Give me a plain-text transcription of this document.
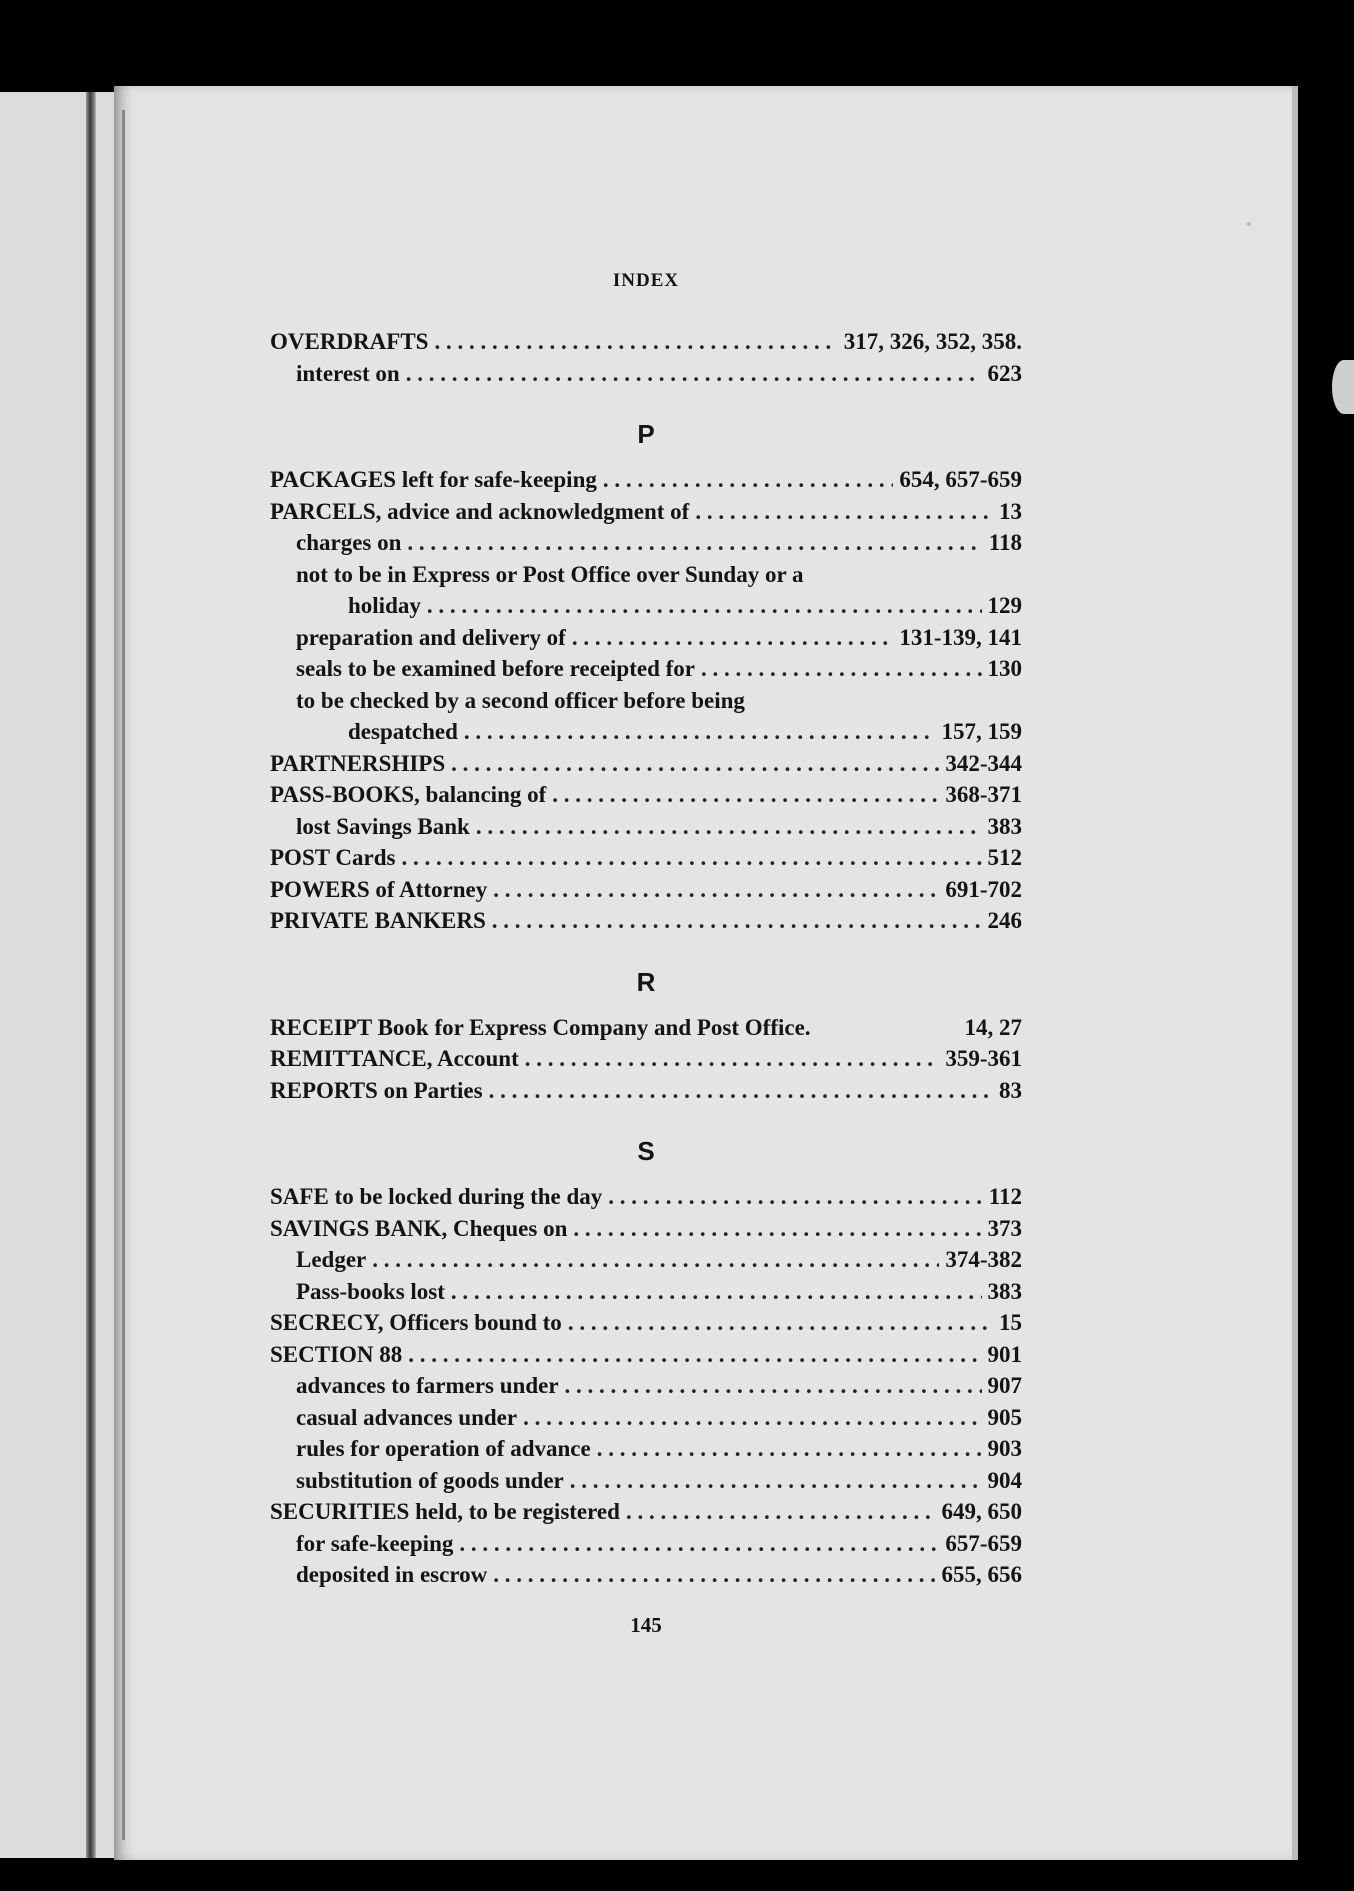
INDEX
OVERDRAFTS . . .	317, 326, 352, 358.
interest on . . .	623
P
PACKAGES left for safe-keeping . . .	654, 657-659
PARCELS, advice and acknowledgment of . . .	13
charges on . . .	118
not to be in Express or Post Office over Sunday or a
holiday . . .	129
preparation and delivery of . . .	131-139, 141
seals to be examined before receipted for . . .	130
to be checked by a second officer before being
despatched . . .	157, 159
PARTNERSHIPS . . .	342-344
PASS-BOOKS, balancing of . . .	368-371
lost Savings Bank . . .	383
POST Cards . . .	512
POWERS of Attorney . . .	691-702
PRIVATE BANKERS . . .	246
R
RECEIPT Book for Express Company and Post Office.	14, 27
REMITTANCE, Account . . .	359-361
REPORTS on Parties . . .	83
S
SAFE to be locked during the day . . .	112
SAVINGS BANK, Cheques on . . .	373
Ledger . . .	374-382
Pass-books lost . . .	383
SECRECY, Officers bound to . . .	15
SECTION 88 . . .	901
advances to farmers under . . .	907
casual advances under . . .	905
rules for operation of advance . . .	903
substitution of goods under . . .	904
SECURITIES held, to be registered . . .	649, 650
for safe-keeping . . .	657-659
deposited in escrow . . .	655, 656
145
